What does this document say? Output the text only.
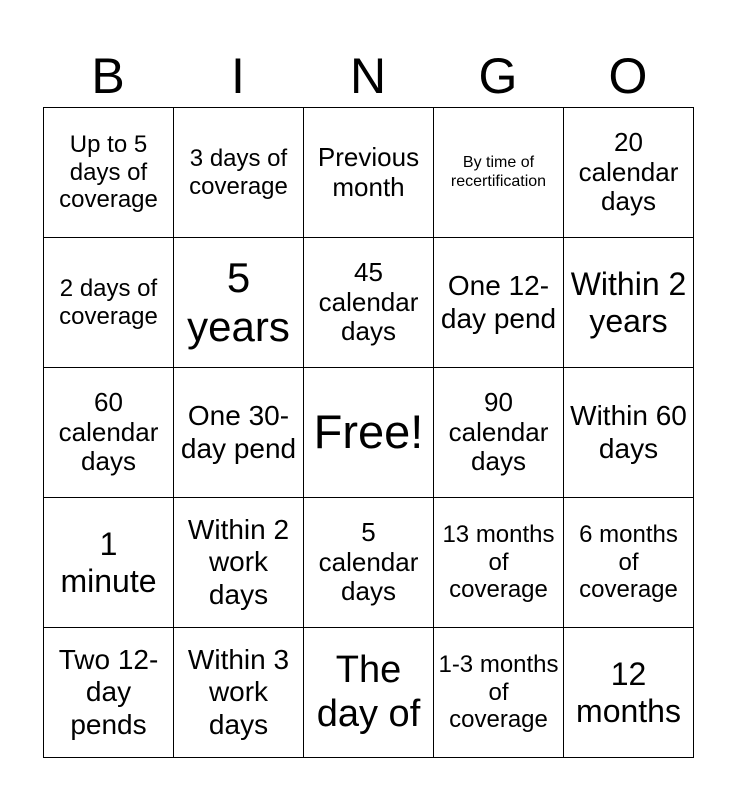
B	I	N	G	O
Up to 5 days of coverage	3 days of coverage	Previous month	By time of recertification	20 calendar days
2 days of coverage	5 years	45 calendar days	One 12-day pend	Within 2 years
60 calendar days	One 30-day pend	Free!	90 calendar days	Within 60 days
1 minute	Within 2 work days	5 calendar days	13 months of coverage	6 months of coverage
Two 12-day pends	Within 3 work days	The day of	1-3 months of coverage	12 months
